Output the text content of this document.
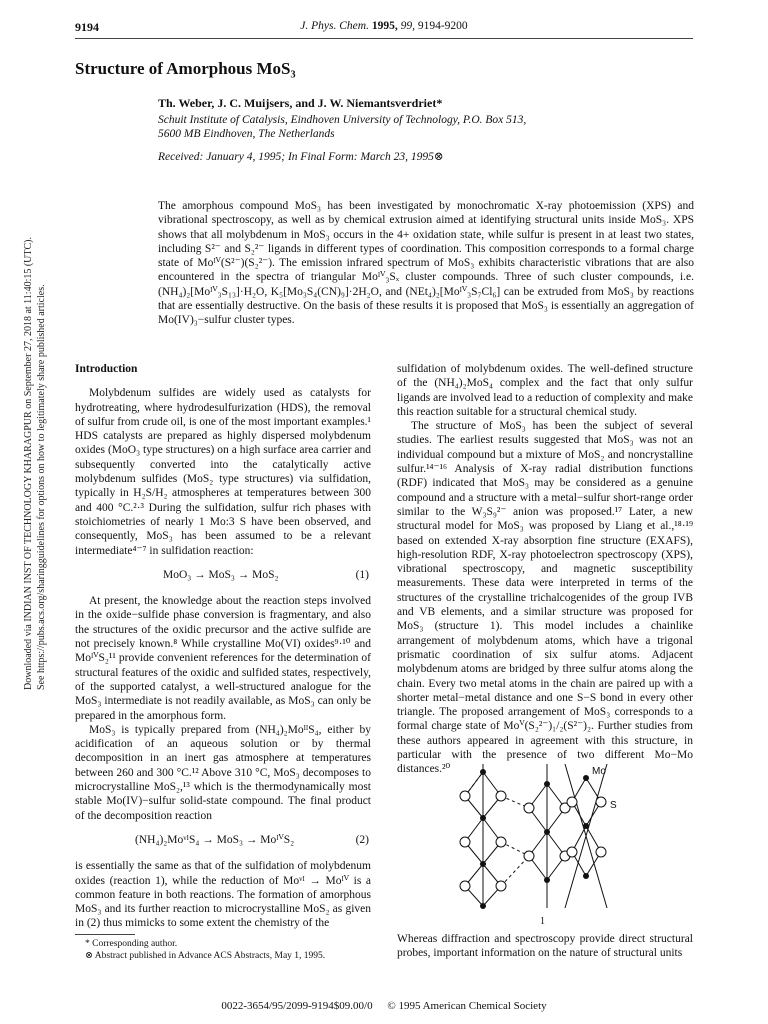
9194	J. Phys. Chem. 1995, 99, 9194-9200
Downloaded via INDIAN INST OF TECHNOLOGY KHARAGPUR on September 27, 2018 at 11:40:15 (UTC). See https://pubs.acs.org/sharingguidelines for options on how to legitimately share published articles.
Structure of Amorphous MoS₃
Th. Weber, J. C. Muijsers, and J. W. Niemantsverdriet*
Schuit Institute of Catalysis, Eindhoven University of Technology, P.O. Box 513,
5600 MB Eindhoven, The Netherlands
Received: January 4, 1995; In Final Form: March 23, 1995⊗
The amorphous compound MoS₃ has been investigated by monochromatic X-ray photoemission (XPS) and vibrational spectroscopy, as well as by chemical extrusion aimed at identifying structural units inside MoS₃. XPS shows that all molybdenum in MoS₃ occurs in the 4+ oxidation state, while sulfur is present in at least two states, including S²⁻ and S₂²⁻ ligands in different types of coordination. This composition corresponds to a formal charge state of Moᴵⱽ(S²⁻)(S₂²⁻). The emission infrared spectrum of MoS₃ exhibits characteristic vibrations that are also encountered in the spectra of triangular Moᴵⱽ₃Sₓ cluster compounds. Three of such cluster compounds, i.e. (NH₄)₂[Moᴵⱽ₃S₁₃]·H₂O, K₅[Mo₃S₄(CN)₉]·2H₂O, and (NEt₄)₂[Moᴵⱽ₃S₇Cl₆] can be extruded from MoS₃ by reactions that are essentially destructive. On the basis of these results it is proposed that MoS₃ is essentially an aggregation of Mo(IV)₃−sulfur cluster types.
Introduction

Molybdenum sulfides are widely used as catalysts for hydrotreating, where hydrodesulfurization (HDS), the removal of sulfur from crude oil, is one of the most important examples.¹ HDS catalysts are prepared as highly dispersed molybdenum oxides (MoO₃ type structures) on a high surface area carrier and subsequently converted into the catalytically active molybdenum sulfides (MoS₂ type structures) via sulfidation, typically in H₂S/H₂ atmospheres at temperatures between 300 and 400 °C.²·³ During the sulfidation, sulfur rich phases with stoichiometries of nearly 1 Mo:3 S have been observed, and consequently, MoS₃ has been assumed to be a relevant intermediate⁴⁻⁷ in sulfidation reaction:

MoO₃ → MoS₃ → MoS₂	(1)

At present, the knowledge about the reaction steps involved in the oxide−sulfide phase conversion is fragmentary, and also the structures of the oxidic precursor and the active sulfide are not precisely known.⁸ While crystalline Mo(VI) oxides⁹·¹⁰ and MoᴵⱽS₂¹¹ provide convenient references for the determination of structural features of the oxidic and sulfided states, respectively, of the supported catalyst, a well-structured analogue for the MoS₃ intermediate is not readily available, as MoS₃ can only be prepared in the amorphous form.

MoS₃ is typically prepared from (NH₄)₂MoᴵᴵS₄, either by acidification of an aqueous solution or by thermal decomposition in an inert gas atmosphere at temperatures between 260 and 300 °C.¹² Above 310 °C, MoS₃ decomposes to microcrystalline MoS₂,¹³ which is the thermodynamically most stable Mo(IV)−sulfur solid-state compound. The final product of the decomposition reaction

(NH₄)₂MoᵛᴵS₄ → MoS₃ → MoᴵⱽS₂	(2)

is essentially the same as that of the sulfidation of molybdenum oxides (reaction 1), while the reduction of Moᵛᴵ → Moᴵⱽ is a common feature in both reactions. The formation of amorphous MoS₃ and its further reaction to microcrystalline MoS₂ as given in (2) thus mimicks to some extent the chemistry of the

sulfidation of molybdenum oxides. The well-defined structure of the (NH₄)₂MoS₄ complex and the fact that only sulfur ligands are involved lead to a reduction of complexity and make this reaction suitable for a structural chemical study.

The structure of MoS₃ has been the subject of several studies. The earliest results suggested that MoS₃ was not an individual compound but a mixture of MoS₂ and noncrystalline sulfur.¹⁴⁻¹⁶ Analysis of X-ray radial distribution functions (RDF) indicated that MoS₃ may be considered as a genuine compound and a structure with a metal−sulfur short-range order similar to the W₃S₉²⁻ anion was proposed.¹⁷ Later, a new structural model for MoS₃ was proposed by Liang et al.,¹⁸·¹⁹ based on extended X-ray absorption fine structure (EXAFS), high-resolution RDF, X-ray photoelectron spectroscopy (XPS), vibrational spectroscopy, and magnetic susceptibility measurements. These data were interpreted in terms of the structures of the crystalline trichalcogenides of the group IVB and VB elements, and a similar structure was proposed for MoS₃ (structure 1). This model includes a chainlike arrangement of molybdenum atoms, which have a trigonal prismatic coordination of six sulfur atoms. Adjacent molybdenum atoms are bridged by three sulfur atoms along the chain. Every two metal atoms in the chain are paired up with a shorter metal−metal distance and one S−S bond in every other triangle. The proposed arrangement of MoS₃ corresponds to a formal charge state of Moⱽ(S₂²⁻)₁/₂(S²⁻)₂. Further studies from these authors appeared in agreement with this structure, in particular with the presence of two different Mo−Mo distances.²⁰	Mo
S
1
* Corresponding author.
⊗ Abstract published in Advance ACS Abstracts, May 1, 1995.
Whereas diffraction and spectroscopy provide direct structural probes, important information on the nature of structural units
0022-3654/95/2099-9194$09.00/0 © 1995 American Chemical Society
